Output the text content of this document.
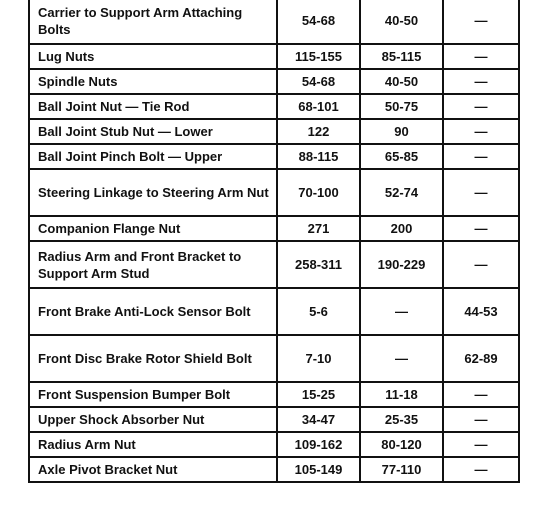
Carrier to Support Arm Attaching Bolts	54-68	40-50	—
Lug Nuts	115-155	85-115	—
Spindle Nuts	54-68	40-50	—
Ball Joint Nut — Tie Rod	68-101	50-75	—
Ball Joint Stub Nut — Lower	122	90	—
Ball Joint Pinch Bolt — Upper	88-115	65-85	—
Steering Linkage to Steering Arm Nut	70-100	52-74	—
Companion Flange Nut	271	200	—
Radius Arm and Front Bracket to Support Arm Stud	258-311	190-229	—
Front Brake Anti-Lock Sensor Bolt	5-6	—	44-53
Front Disc Brake Rotor Shield Bolt	7-10	—	62-89
Front Suspension Bumper Bolt	15-25	11-18	—
Upper Shock Absorber Nut	34-47	25-35	—
Radius Arm Nut	109-162	80-120	—
Axle Pivot Bracket Nut	105-149	77-110	—
